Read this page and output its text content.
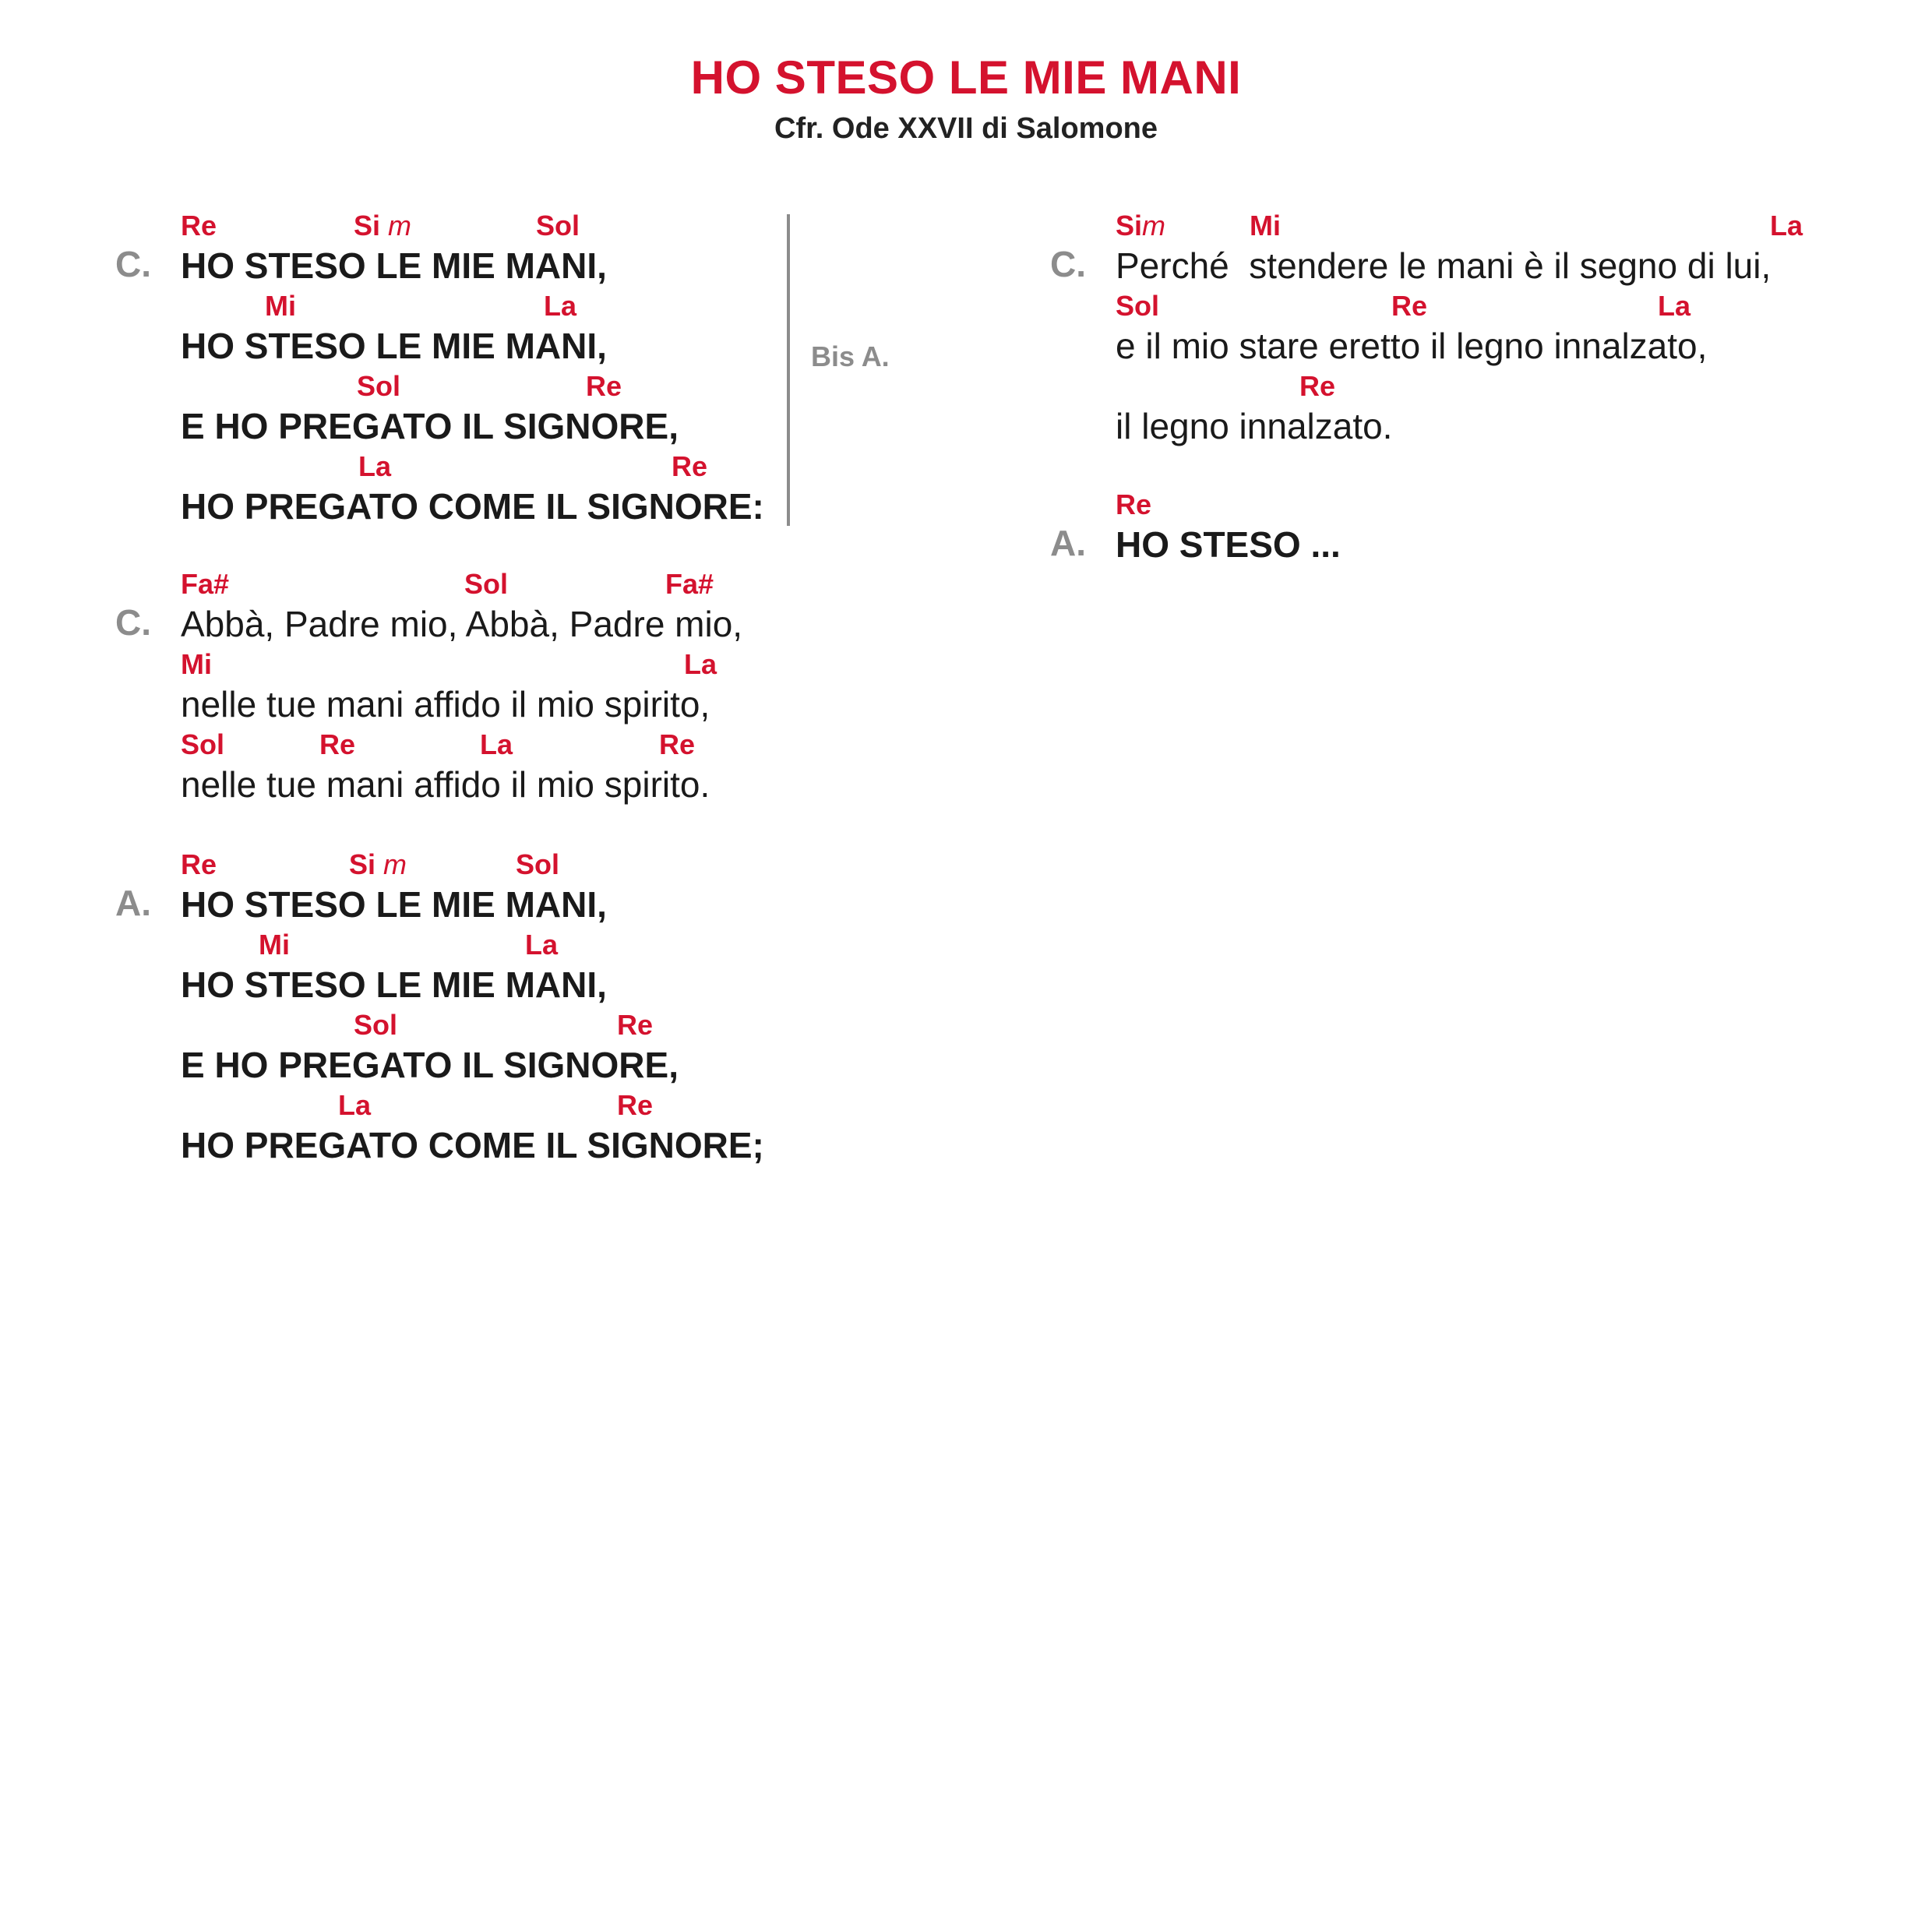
HO STESO LE MIE MANI
Cfr. Ode XXVII di Salomone
C.
Re	Si m	Sol
HO STESO LE MIE MANI,
Mi	La
HO STESO LE MIE MANI,
Sol	Re
E HO PREGATO IL SIGNORE,
La	Re
HO PREGATO COME IL SIGNORE:
Bis A.
C.
Fa#	Sol	Fa#
Abbà, Padre mio, Abbà, Padre mio,
Mi	La
nelle tue mani affido il mio spirito,
Sol	Re	La	Re
nelle tue mani affido il mio spirito.
A.
Re	Si m	Sol
HO STESO LE MIE MANI,
Mi	La
HO STESO LE MIE MANI,
Sol	Re
E HO PREGATO IL SIGNORE,
La	Re
HO PREGATO COME IL SIGNORE;
C.
Sim	Mi	La
Perché  stendere le mani è il segno di lui,
Sol	Re	La
e il mio stare eretto il legno innalzato,
Re
il legno innalzato.
A.
Re
HO STESO ...
